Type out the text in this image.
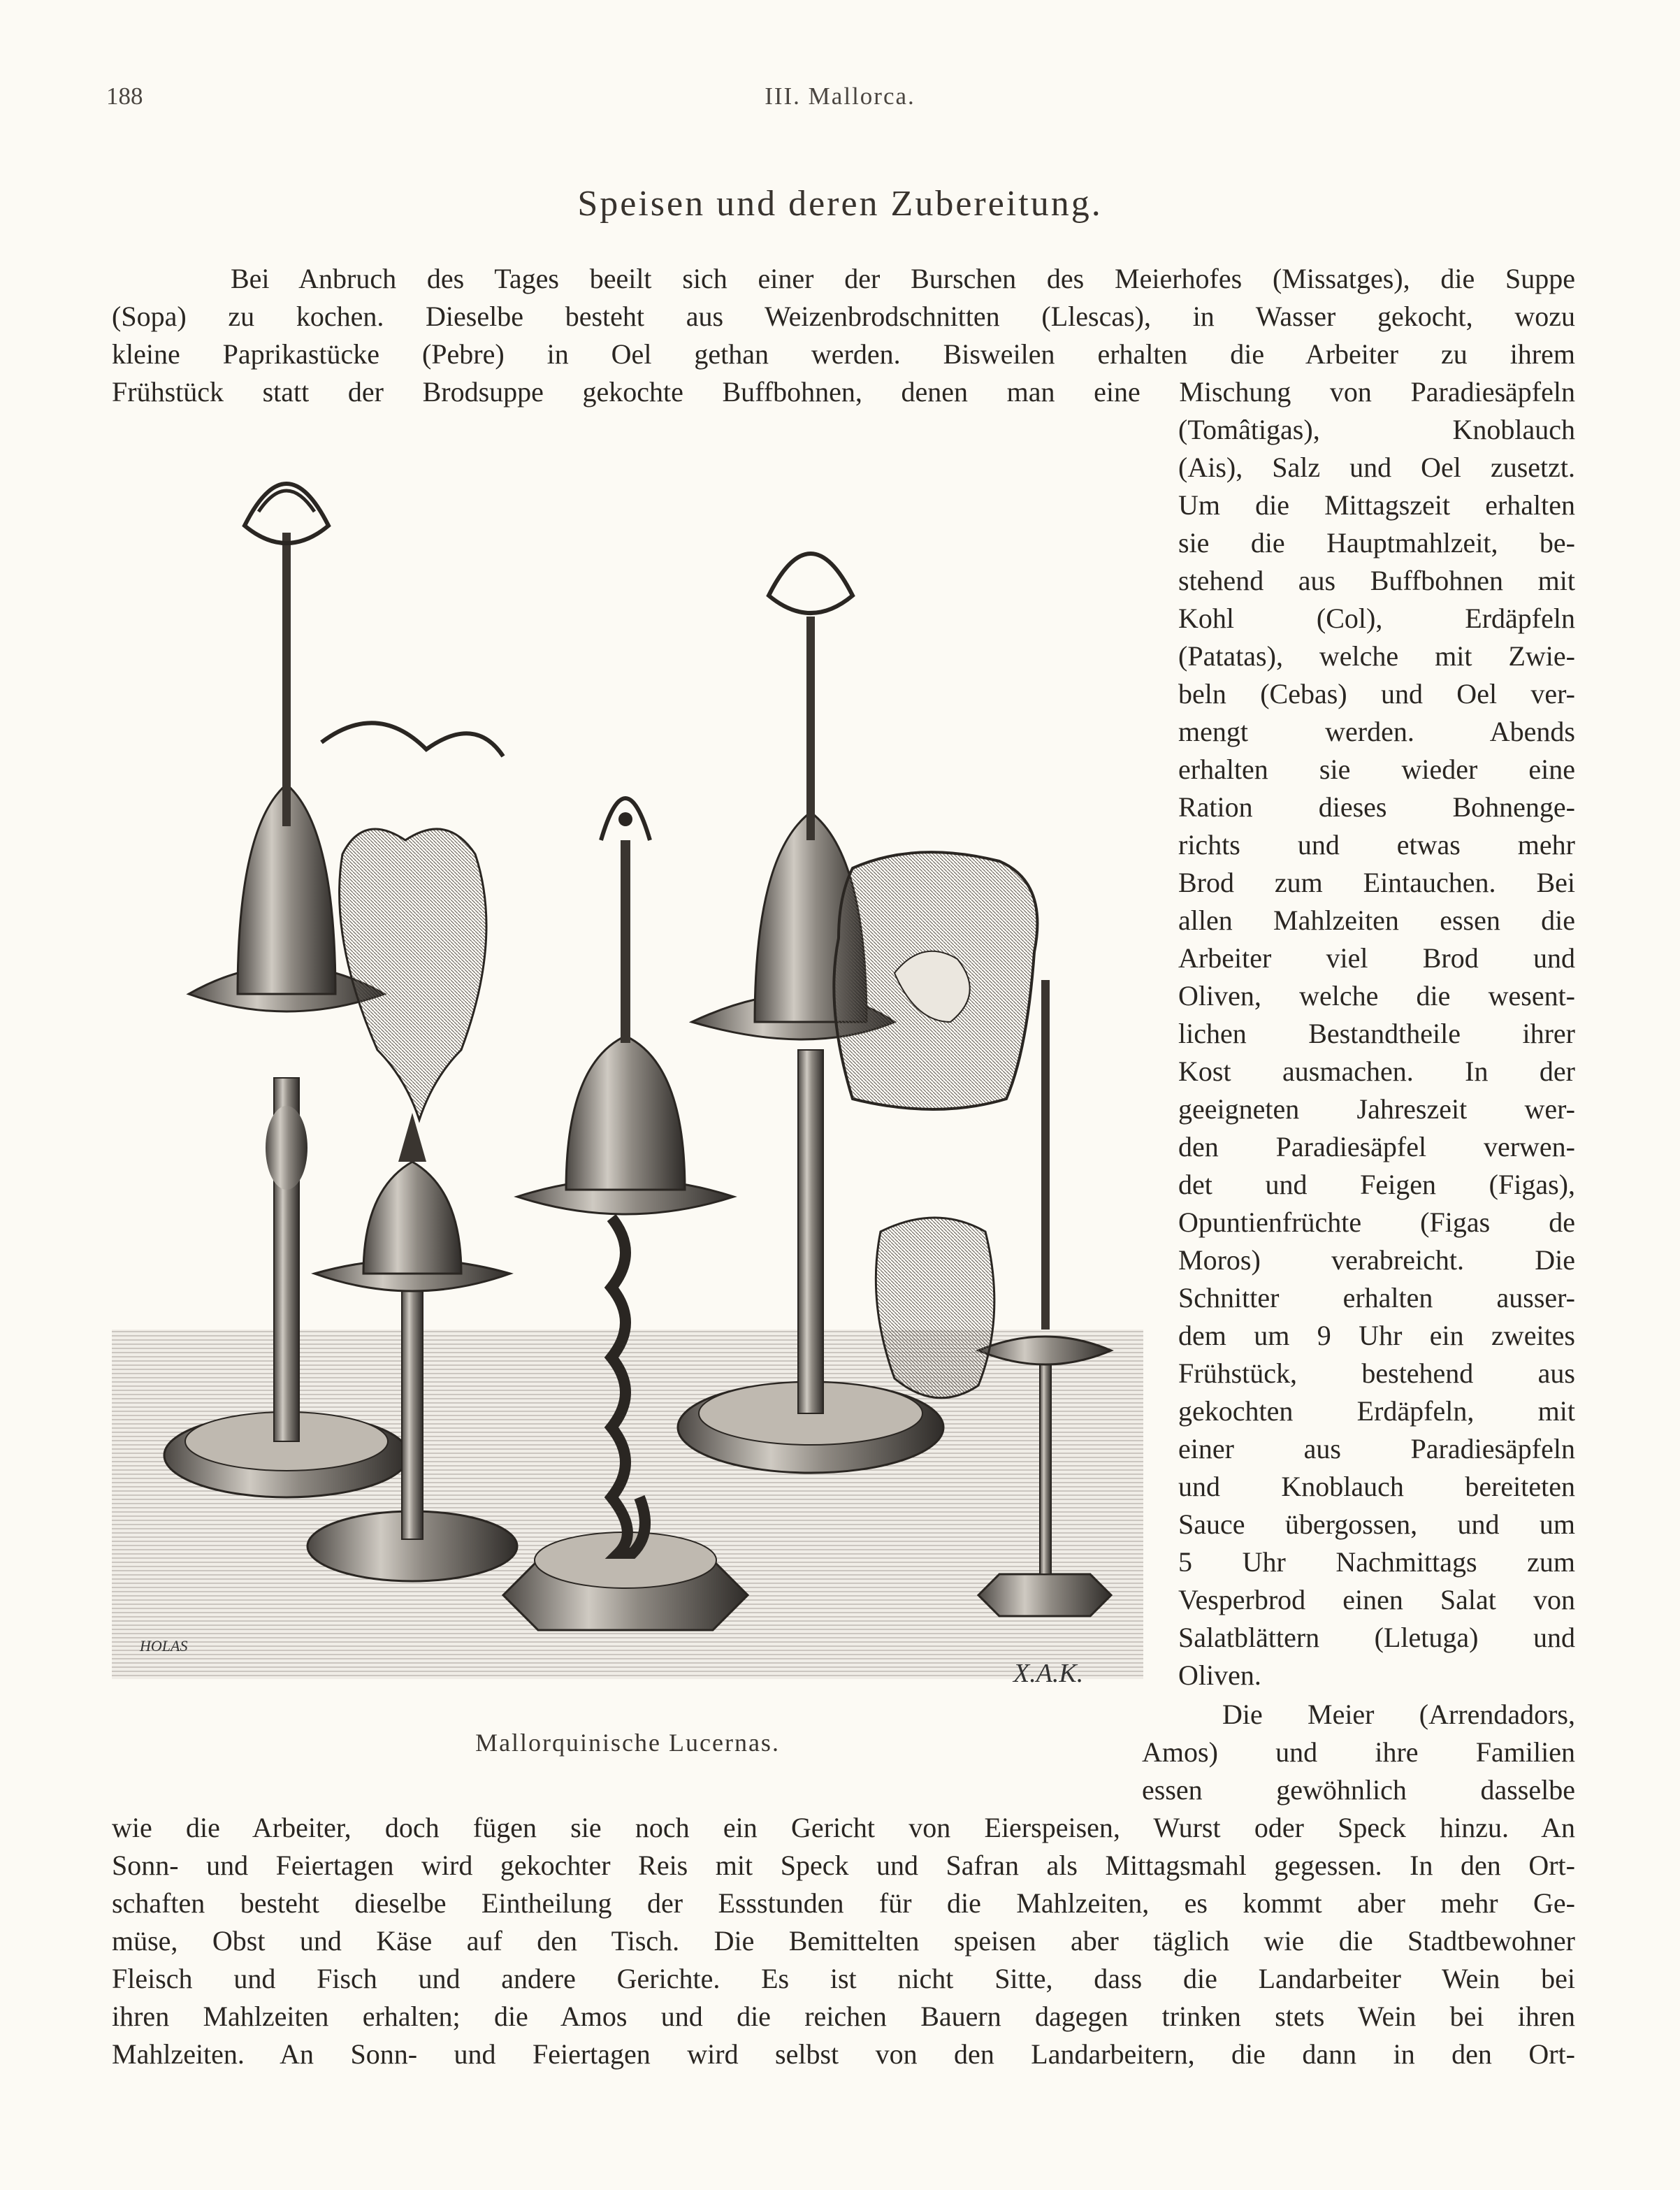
188	III. Mallorca.
Speisen und deren Zubereitung.
Bei Anbruch des Tages beeilt sich einer der Burschen des Meierhofes (Missatges), die Suppe
(Sopa) zu kochen. Dieselbe besteht aus Weizenbrodschnitten (Llescas), in Wasser gekocht, wozu
kleine Paprikastücke (Pebre) in Oel gethan werden. Bisweilen erhalten die Arbeiter zu ihrem
Frühstück statt der Brodsuppe gekochte Buffbohnen, denen man eine Mischung von Paradiesäpfeln
(Tomâtigas), Knoblauch
(Ais), Salz und Oel zusetzt.
Um die Mittagszeit erhalten
sie die Hauptmahlzeit, be-
stehend aus Buffbohnen mit
Kohl (Col), Erdäpfeln
(Patatas), welche mit Zwie-
beln (Cebas) und Oel ver-
mengt werden. Abends
erhalten sie wieder eine
Ration dieses Bohnenge-
richts und etwas mehr
Brod zum Eintauchen. Bei
allen Mahlzeiten essen die
Arbeiter viel Brod und
Oliven, welche die wesent-
lichen Bestandtheile ihrer
Kost ausmachen. In der
geeigneten Jahreszeit wer-
den Paradiesäpfel verwen-
det und Feigen (Figas),
Opuntienfrüchte (Figas de
Moros) verabreicht. Die
Schnitter erhalten ausser-
dem um 9 Uhr ein zweites
Frühstück, bestehend aus
gekochten Erdäpfeln, mit
einer aus Paradiesäpfeln
und Knoblauch bereiteten
Sauce übergossen, und um
5 Uhr Nachmittags zum
Vesperbrod einen Salat von
Salatblättern (Lletuga) und
Oliven.
Die Meier (Arrendadors,
Amos) und ihre Familien
essen gewöhnlich dasselbe
wie die Arbeiter, doch fügen sie noch ein Gericht von Eierspeisen, Wurst oder Speck hinzu. An
Sonn- und Feiertagen wird gekochter Reis mit Speck und Safran als Mittagsmahl gegessen. In den Ort-
schaften besteht dieselbe Eintheilung der Essstunden für die Mahlzeiten, es kommt aber mehr Ge-
müse, Obst und Käse auf den Tisch. Die Bemittelten speisen aber täglich wie die Stadtbewohner
Fleisch und Fisch und andere Gerichte. Es ist nicht Sitte, dass die Landarbeiter Wein bei
ihren Mahlzeiten erhalten; die Amos und die reichen Bauern dagegen trinken stets Wein bei ihren
Mahlzeiten. An Sonn- und Feiertagen wird selbst von den Landarbeitern, die dann in den Ort-
HOLAS
X.A.K.
Mallorquinische Lucernas.
